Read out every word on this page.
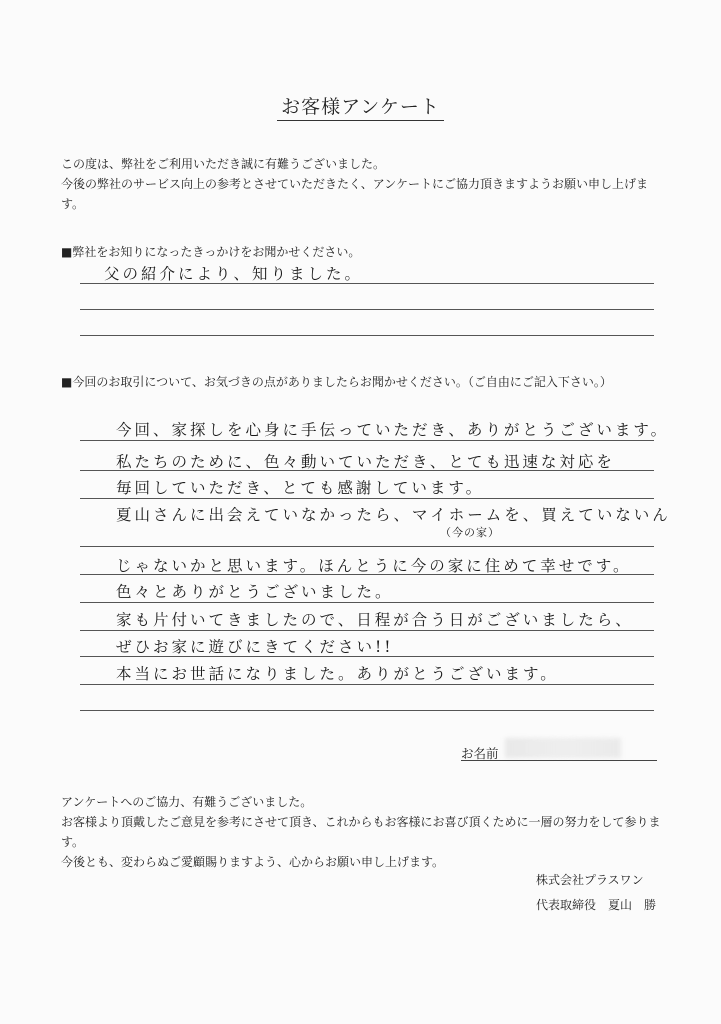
お客様アンケート
この度は、弊社をご利用いただき誠に有難うございました。
今後の弊社のサービス向上の参考とさせていただきたく、アンケートにご協力頂きますようお願い申し上げます。
■弊社をお知りになったきっかけをお聞かせください。
父の紹介により、知りました。
■今回のお取引について、お気づきの点がありましたらお聞かせください。（ご自由にご記入下さい。）
今回、家探しを心身に手伝っていただき、ありがとうございます。
私たちのために、色々動いていただき、とても迅速な対応を
毎回していただき、とても感謝しています。
夏山さんに出会えていなかったら、マイホームを、買えていないん
（今の家）
じゃないかと思います。ほんとうに今の家に住めて幸せです。
色々とありがとうございました。
家も片付いてきましたので、日程が合う日がございましたら、
ぜひお家に遊びにきてください!!
本当にお世話になりました。ありがとうございます。
お名前
アンケートへのご協力、有難うございました。
お客様より頂戴したご意見を参考にさせて頂き、これからもお客様にお喜び頂くために一層の努力をして参ります。
今後とも、変わらぬご愛顧賜りますよう、心からお願い申し上げます。
株式会社プラスワン
代表取締役　夏山　勝
